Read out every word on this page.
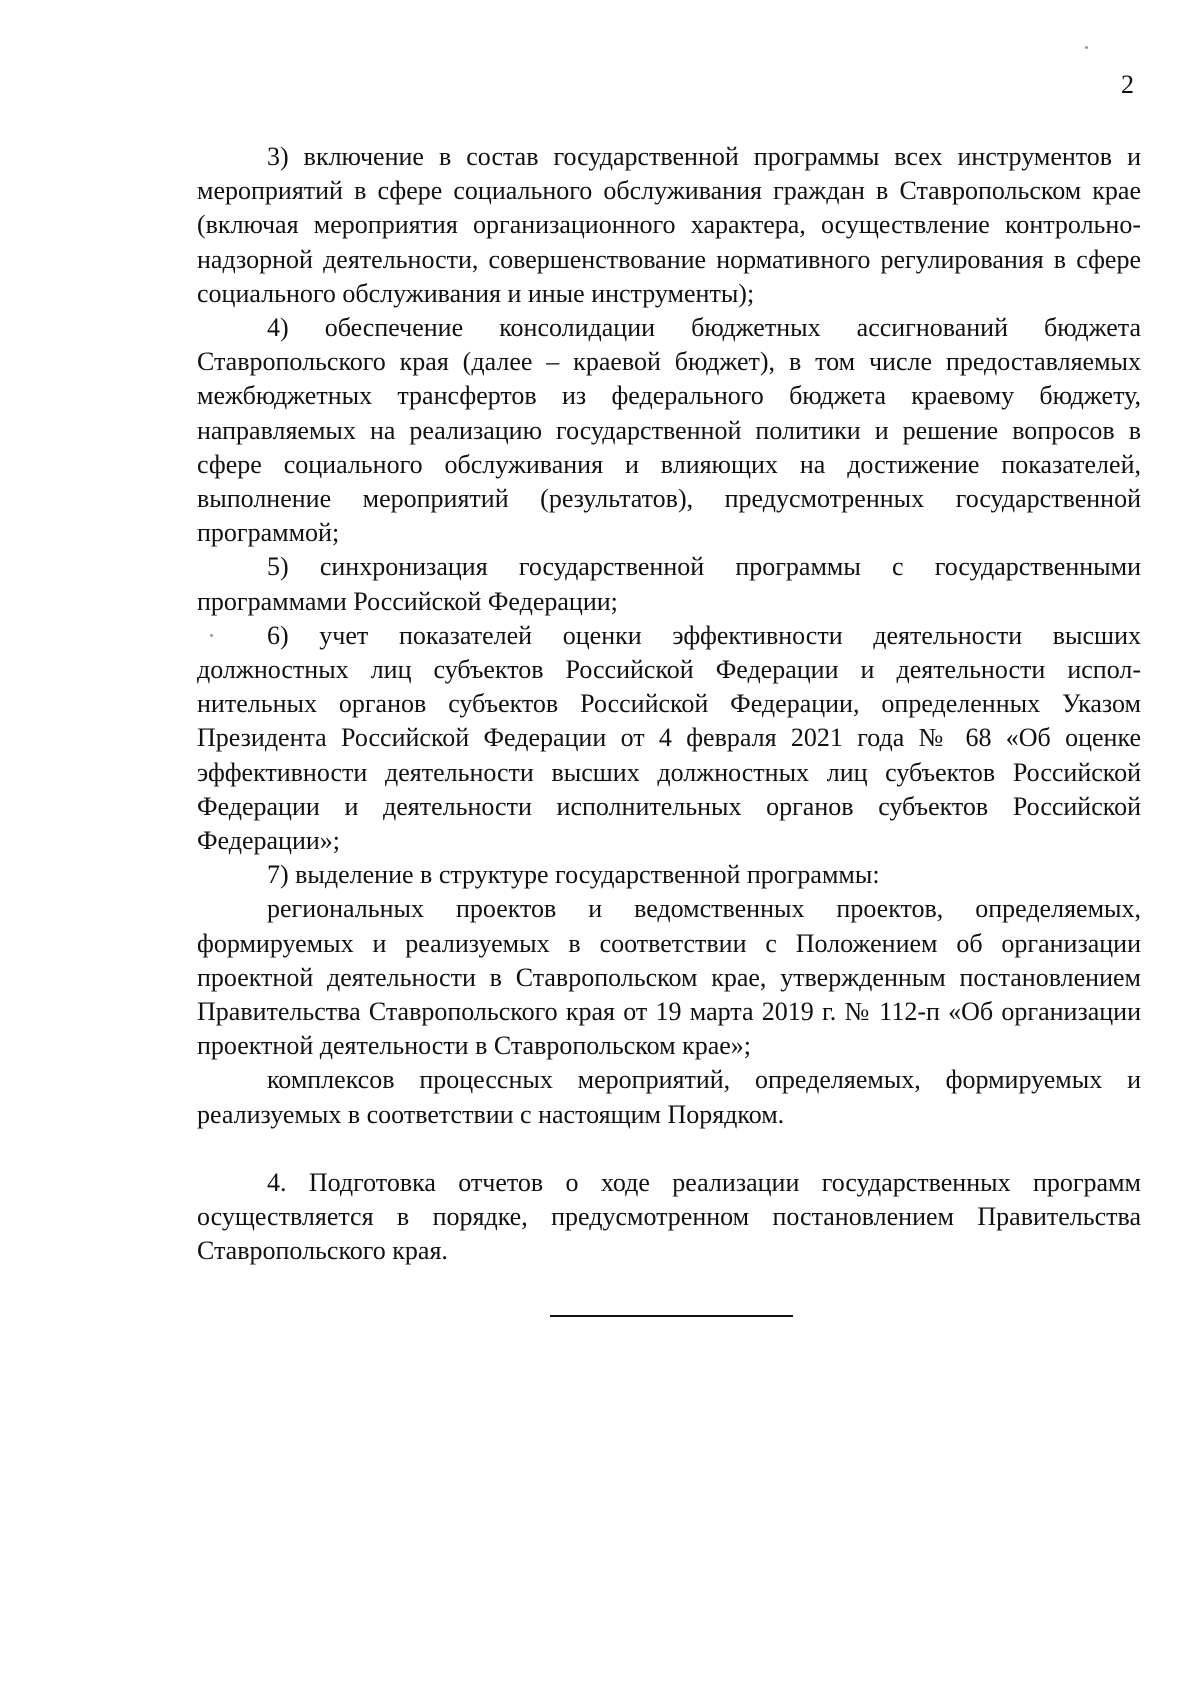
2

3) включение в состав государственной программы всех инструментов и мероприятий в сфере социального обслуживания граждан в Ставропольском крае (включая мероприятия организационного характера, осуществление контрольно-надзорной деятельности, совершенствование нормативного регулирования в сфере социального обслуживания и иные инструменты);

4) обеспечение консолидации бюджетных ассигнований бюджета Ставропольского края (далее – краевой бюджет), в том числе предоставляемых межбюджетных трансфертов из федерального бюджета краевому бюджету, направляемых на реализацию государственной политики и решение вопросов в сфере социального обслуживания и влияющих на достижение показателей, выполнение мероприятий (результатов), предусмотренных государственной программой;

5) синхронизация государственной программы с государственными программами Российской Федерации;

6) учет показателей оценки эффективности деятельности высших должностных лиц субъектов Российской Федерации и деятельности исполнительных органов субъектов Российской Федерации, определенных Указом Президента Российской Федерации от 4 февраля 2021 года № 68 «Об оценке эффективности деятельности высших должностных лиц субъектов Российской Федерации и деятельности исполнительных органов субъектов Российской Федерации»;

7) выделение в структуре государственной программы:

региональных проектов и ведомственных проектов, определяемых, формируемых и реализуемых в соответствии с Положением об организации проектной деятельности в Ставропольском крае, утвержденным постановлением Правительства Ставропольского края от 19 марта 2019 г. № 112-п «Об организации проектной деятельности в Ставропольском крае»;

комплексов процессных мероприятий, определяемых, формируемых и реализуемых в соответствии с настоящим Порядком.

4. Подготовка отчетов о ходе реализации государственных программ осуществляется в порядке, предусмотренном постановлением Правительства Ставропольского края.
